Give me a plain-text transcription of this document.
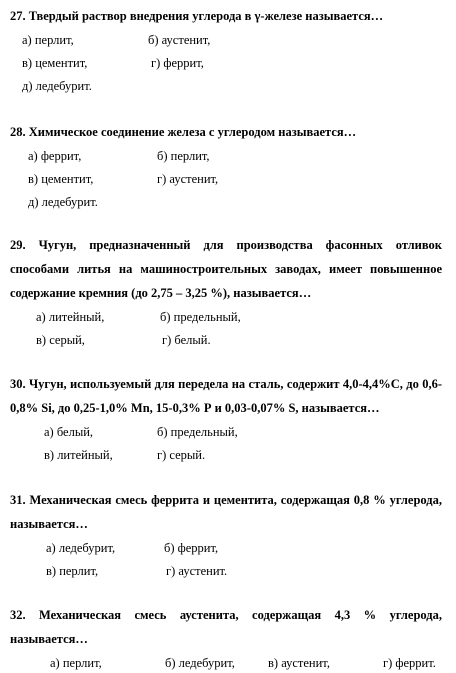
27. Твердый раствор внедрения углерода в γ-железе называется…

а) перлит,	б) аустенит,
в) цементит,	г) феррит,
д) ледебурит.

28. Химическое соединение железа с углеродом называется…

а) феррит,	б) перлит,
в) цементит,	г) аустенит,
д) ледебурит.

29. Чугун, предназначенный для производства фасонных отливок способами литья на машиностроительных заводах, имеет повышенное содержание кремния (до 2,75 – 3,25 %), называется…

а) литейный,	б) предельный,
в) серый,	г) белый.

30. Чугун, используемый для передела на сталь, содержит 4,0-4,4%С, до 0,6-0,8% Si, до 0,25-1,0% Mn, 15-0,3% Р и 0,03-0,07% S, называется…

а) белый,	б) предельный,
в) литейный,	г) серый.

31. Механическая смесь феррита и цементита, содержащая 0,8 % углерода, называется…

а) ледебурит,	б) феррит,
в) перлит,	г) аустенит.

32. Механическая смесь аустенита, содержащая 4,3 % углерода, называется…

а) перлит,	б) ледебурит,	в) аустенит,	г) феррит.
